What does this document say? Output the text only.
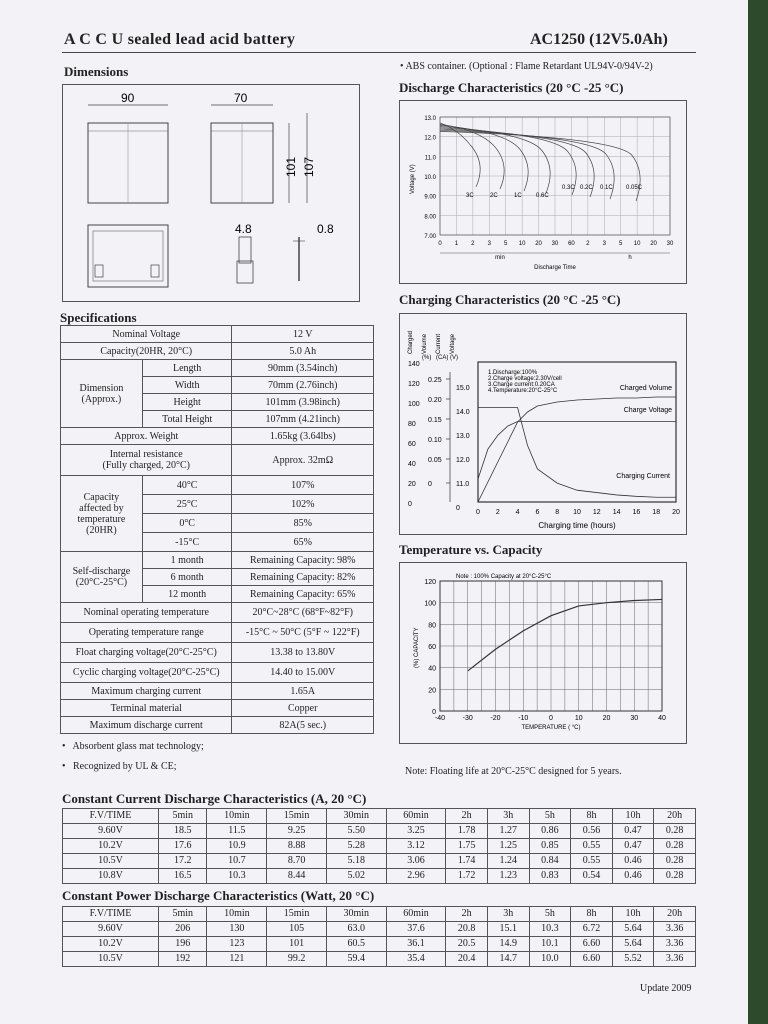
A C C U sealed lead acid battery	AC1250 (12V5.0Ah)
Dimensions
90	70
101 107
4.8	0.8
• ABS container. (Optional : Flame Retardant UL94V-0/94V-2)
Discharge Characteristics (20 °C -25 °C)
13.0
12.0
11.0
10.0
9.00
8.00
7.00
0 1 2 3 5 10 20 30 60 2 3 5 10 20 30
Voltage (V)
min	h
Discharge Time
3C	2C	1C 0.6C
0.3C 0.2C 0.1C 0.05C
Charging Characteristics (20 °C -25 °C)
Charged Volume Current Voltage
(%) (CA) (V)
140
120
100
80
60
40
20
0
0.25
0.20
0.15
0.10
0.05
0
15.0
14.0
13.0
12.0
11.0
0
0 2 4 6 8 10 12 14 16 18 20
Charging time (hours)
1.Discharge:100%
2.Charge voltage:2.30V/cell
3.Charge current:0.20CA
4.Temperature:20°C-25°C	Charged Volume
Charge Voltage
Charging Current
Temperature vs. Capacity
120
100
80
60
40
20
0
-40	-30	-20	-10	0	10	20	30	40
TEMPERATURE ( °C)
(%) CAPACITY
Note : 100% Capacity at 20°C-25°C
Specifications
Nominal Voltage		12 V
Capacity(20HR, 20°C)		5.0 Ah
Dimension
(Approx.)	Length	90mm (3.54inch)
	Width	70mm (2.76inch)
	Height	101mm (3.98inch)
	Total Height	107mm (4.21inch)
Approx. Weight		1.65kg (3.64lbs)
Internal resistance
(Fully charged, 20°C)		Approx. 32mΩ
Capacity
affected by
temperature
(20HR)	40°C	107%
	25°C	102%
	0°C	85%
	-15°C	65%
Self-discharge
(20°C-25°C)	1 month	Remaining Capacity: 98%
	6 month	Remaining Capacity: 82%
	12 month	Remaining Capacity: 65%
Nominal operating temperature		20°C~28°C (68°F~82°F)
Operating temperature range		-15°C ~ 50°C (5°F ~ 122°F)
Float charging voltage(20°C-25°C)		13.38 to 13.80V
Cyclic charging voltage(20°C-25°C)		14.40 to 15.00V
Maximum charging current		1.65A
Terminal material		Copper
Maximum discharge current		82A(5 sec.)
•   Absorbent glass mat technology;
•   Recognized by UL & CE;	Note: Floating life at 20°C-25°C designed for 5 years.
Constant Current Discharge Characteristics (A, 20 °C)
F.V/TIME	5min	10min	15min	30min	60min	2h	3h	5h	8h	10h	20h
9.60V	18.5	11.5	9.25	5.50	3.25	1.78	1.27	0.86	0.56	0.47	0.28
10.2V	17.6	10.9	8.88	5.28	3.12	1.75	1.25	0.85	0.55	0.47	0.28
10.5V	17.2	10.7	8.70	5.18	3.06	1.74	1.24	0.84	0.55	0.46	0.28
10.8V	16.5	10.3	8.44	5.02	2.96	1.72	1.23	0.83	0.54	0.46	0.28
Constant Power Discharge Characteristics (Watt, 20 °C)
F.V/TIME	5min	10min	15min	30min	60min	2h	3h	5h	8h	10h	20h
9.60V	206	130	105	63.0	37.6	20.8	15.1	10.3	6.72	5.64	3.36
10.2V	196	123	101	60.5	36.1	20.5	14.9	10.1	6.60	5.64	3.36
10.5V	192	121	99.2	59.4	35.4	20.4	14.7	10.0	6.60	5.52	3.36
Update 2009
